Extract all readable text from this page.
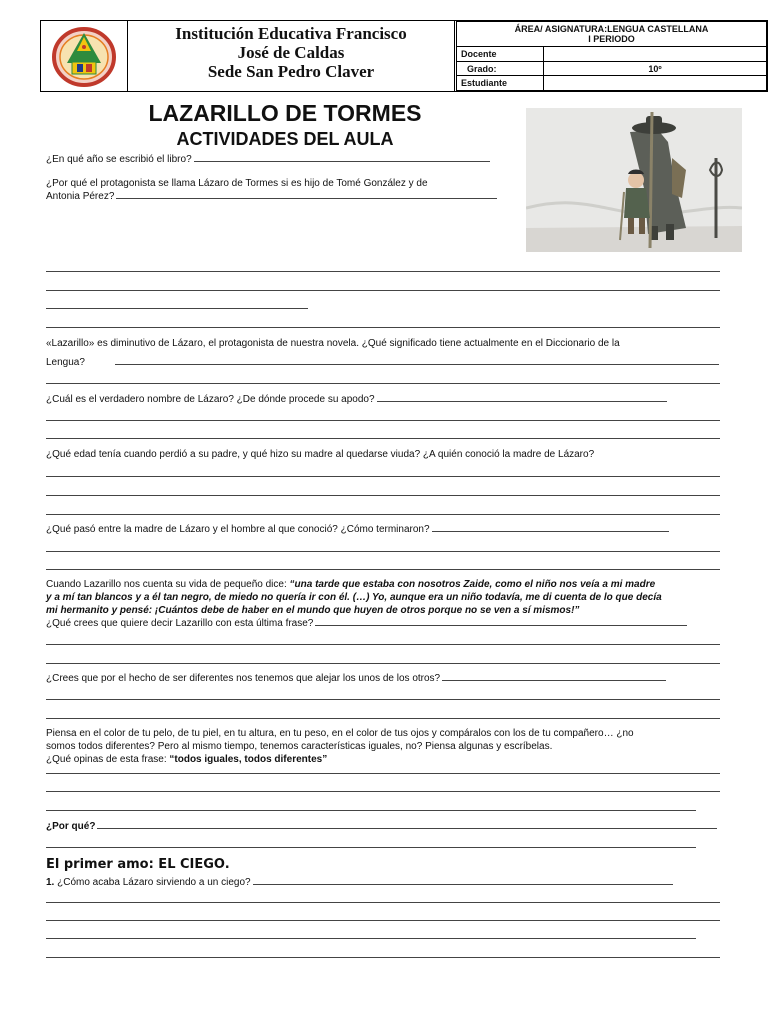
Institución Educativa Francisco
José de Caldas
Sede San Pedro Claver
ÁREA/ ASIGNATURA:LENGUA CASTELLANA
I PERIODO	

Docente	
Grado:	10º
Estudiante	
LAZARILLO DE TORMES
ACTIVIDADES DEL AULA
¿En qué año se escribió el libro?
¿Por qué el protagonista se llama Lázaro de Tormes si es hijo de Tomé González y de
Antonia Pérez?
«Lazarillo» es diminutivo de Lázaro, el protagonista de nuestra novela. ¿Qué significado tiene actualmente en el Diccionario de la
Lengua?
¿Cuál es el verdadero nombre de Lázaro? ¿De dónde procede su apodo?
¿Qué edad tenía cuando perdió a su padre, y qué hizo su madre al quedarse viuda? ¿A quién conoció la madre de Lázaro?
¿Qué pasó entre la madre de Lázaro y el hombre al que conoció? ¿Cómo terminaron?
Cuando Lazarillo nos cuenta su vida de pequeño dice: “una tarde que estaba con nosotros Zaide, como el niño nos veía a mi madre
y a mí tan blancos y a él tan negro, de miedo no quería ir con él. (…) Yo, aunque era un niño todavía, me di cuenta de lo que decía
mi hermanito y pensé: ¡Cuántos debe de haber en el mundo que huyen de otros porque no se ven a sí mismos!”
¿Qué crees que quiere decir Lazarillo con esta última frase?
¿Crees que por el hecho de ser diferentes nos tenemos que alejar los unos de los otros?
Piensa en el color de tu pelo, de tu piel, en tu altura, en tu peso, en el color de tus ojos y compáralos con los de tu compañero… ¿no
somos todos diferentes? Pero al mismo tiempo, tenemos características iguales, no? Piensa algunas y escríbelas.
¿Qué opinas de esta frase: “todos iguales, todos diferentes”
¿Por qué?
El primer amo: EL CIEGO.
1. ¿Cómo acaba Lázaro sirviendo a un ciego?
